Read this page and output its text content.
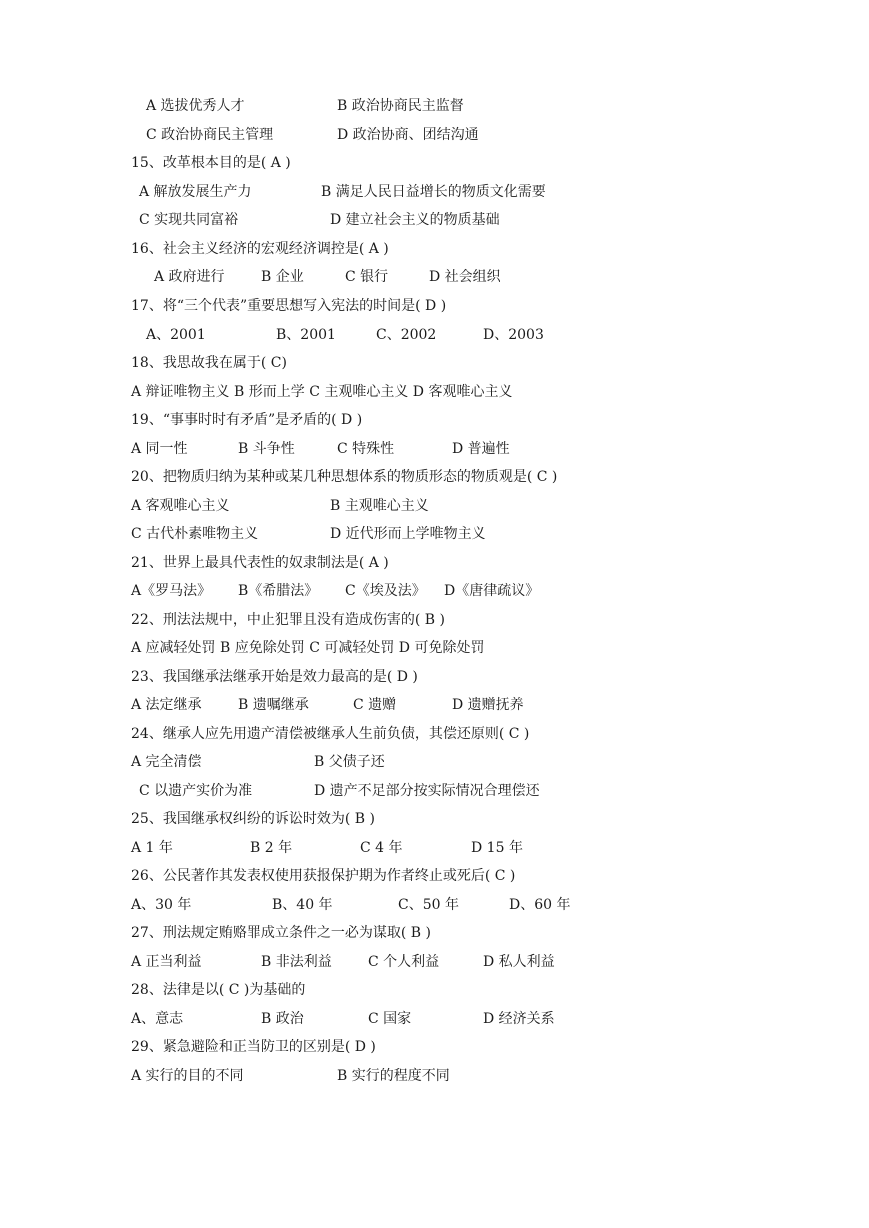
A 选拔优秀人才	B 政治协商民主监督
C 政治协商民主管理	D 政治协商、团结沟通
15、改革根本目的是( A )
A 解放发展生产力	B 满足人民日益增长的物质文化需要
C 实现共同富裕	D 建立社会主义的物质基础
16、社会主义经济的宏观经济调控是( A )
A 政府进行	B 企业	C 银行	D 社会组织
17、将“三个代表”重要思想写入宪法的时间是( D )
A、2001	B、2001	C、2002	D、2003
18、我思故我在属于( C)
A 辩证唯物主义 B 形而上学 C 主观唯心主义 D 客观唯心主义
19、“事事时时有矛盾”是矛盾的( D )
A 同一性	B 斗争性	C 特殊性	D 普遍性
20、把物质归纳为某种或某几种思想体系的物质形态的物质观是( C )
A 客观唯心主义	B 主观唯心主义
C 古代朴素唯物主义	D 近代形而上学唯物主义
21、世界上最具代表性的奴隶制法是( A )
A《罗马法》 B《希腊法》 C《埃及法》 D《唐律疏议》
22、刑法法规中，中止犯罪且没有造成伤害的( B )
A 应减轻处罚 B 应免除处罚 C 可减轻处罚 D 可免除处罚
23、我国继承法继承开始是效力最高的是( D )
A 法定继承	B 遗嘱继承	C 遗赠	D 遗赠抚养
24、继承人应先用遗产清偿被继承人生前负债，其偿还原则( C )
A 完全清偿	B 父债子还
C 以遗产实价为准	D 遗产不足部分按实际情况合理偿还
25、我国继承权纠纷的诉讼时效为( B )
A 1 年	B 2 年	C 4 年	D 15 年
26、公民著作其发表权使用获报保护期为作者终止或死后( C )
A、30 年	B、40 年	C、50 年	D、60 年
27、刑法规定贿赂罪成立条件之一必为谋取( B )
A 正当利益	B 非法利益	C 个人利益	D 私人利益
28、法律是以( C )为基础的
A、意志	B 政治	C 国家	D 经济关系
29、紧急避险和正当防卫的区别是( D )
A 实行的目的不同	B 实行的程度不同
